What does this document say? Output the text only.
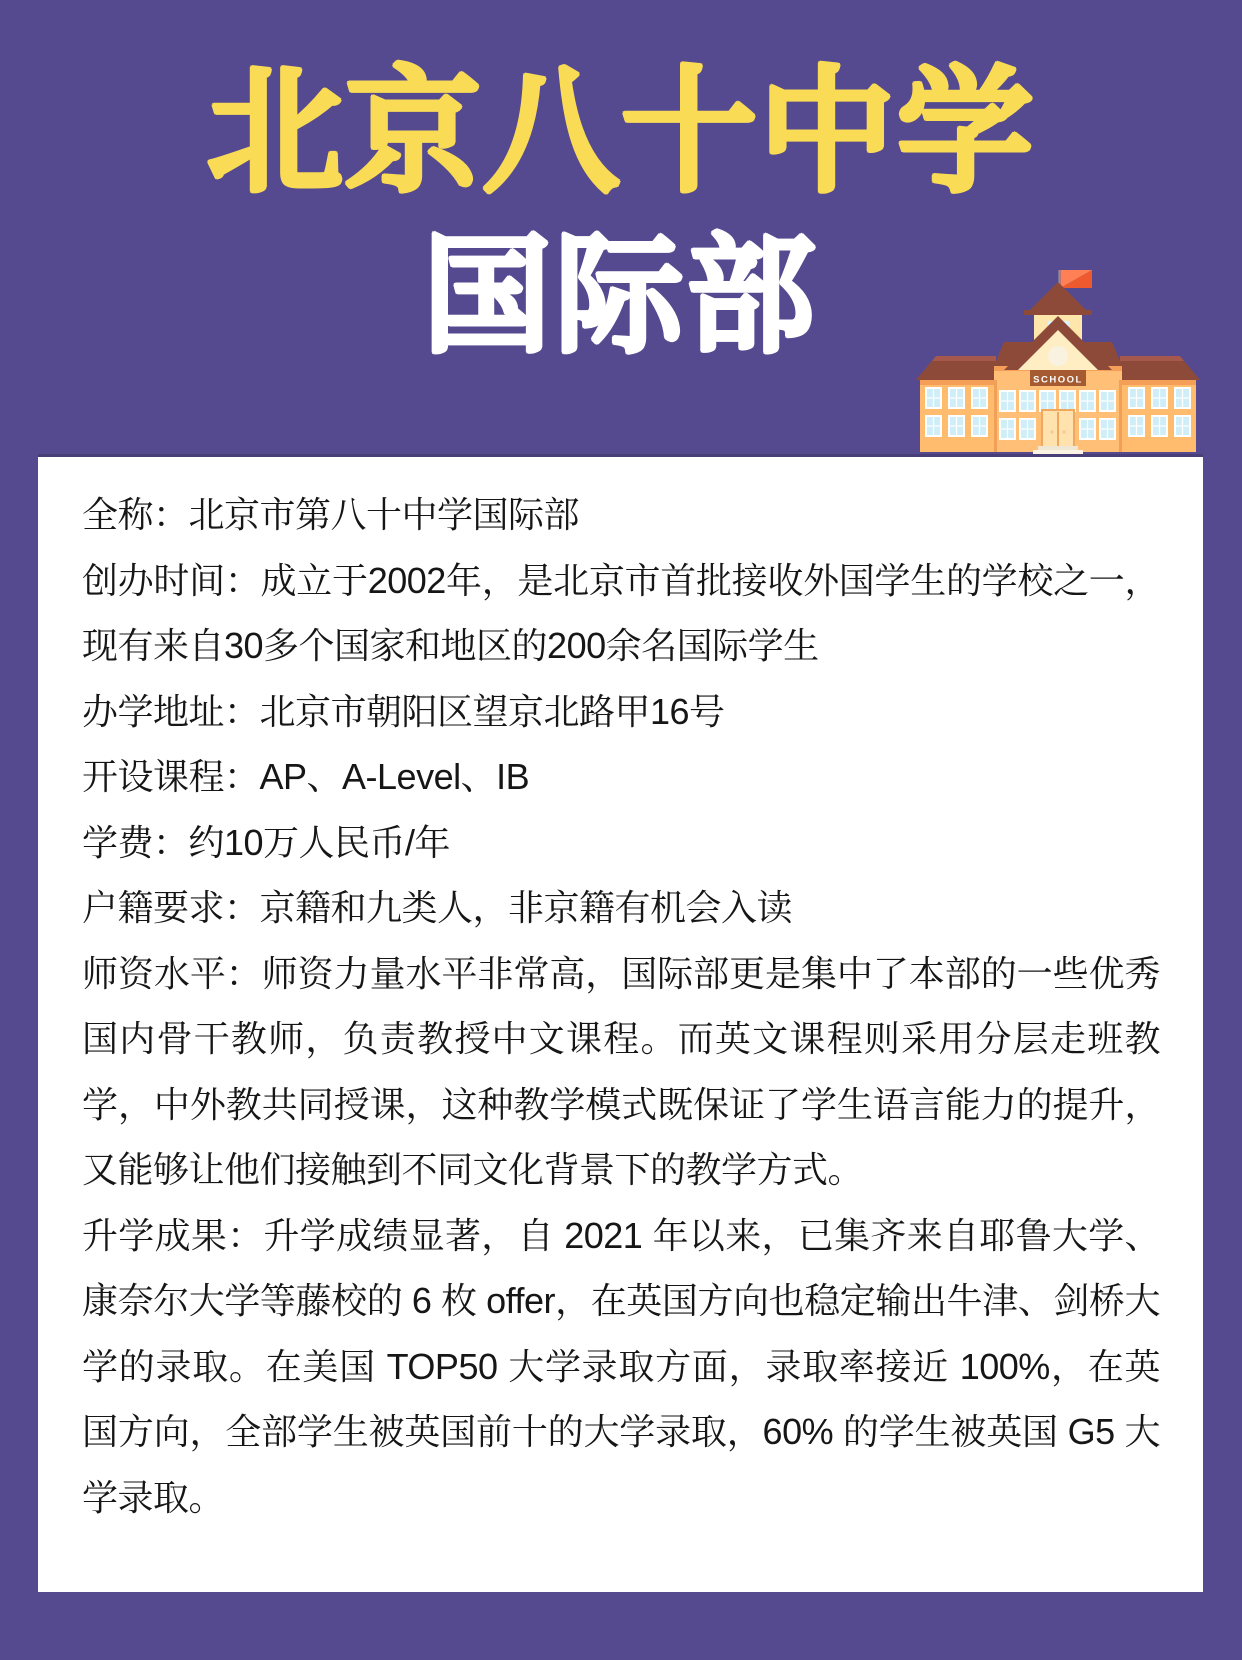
北京八十中学
国际部
SCHOOL

全称：北京市第八十中学国际部

创办时间：成立于2002年，是北京市首批接收外国学生的学校之一，现有来自30多个国家和地区的200余名国际学生

办学地址：北京市朝阳区望京北路甲16号

开设课程：AP、A-Level、IB

学费：约10万人民币/年

户籍要求：京籍和九类人，非京籍有机会入读

师资水平：师资力量水平非常高，国际部更是集中了本部的一些优秀国内骨干教师，负责教授中文课程。而英文课程则采用分层走班教学，中外教共同授课，这种教学模式既保证了学生语言能力的提升，又能够让他们接触到不同文化背景下的教学方式。

升学成果：升学成绩显著，自 2021 年以来，已集齐来自耶鲁大学、康奈尔大学等藤校的 6 枚 offer，在英国方向也稳定输出牛津、剑桥大学的录取。在美国 TOP50 大学录取方面，录取率接近 100%，在英国方向，全部学生被英国前十的大学录取，60% 的学生被英国 G5 大学录取。
